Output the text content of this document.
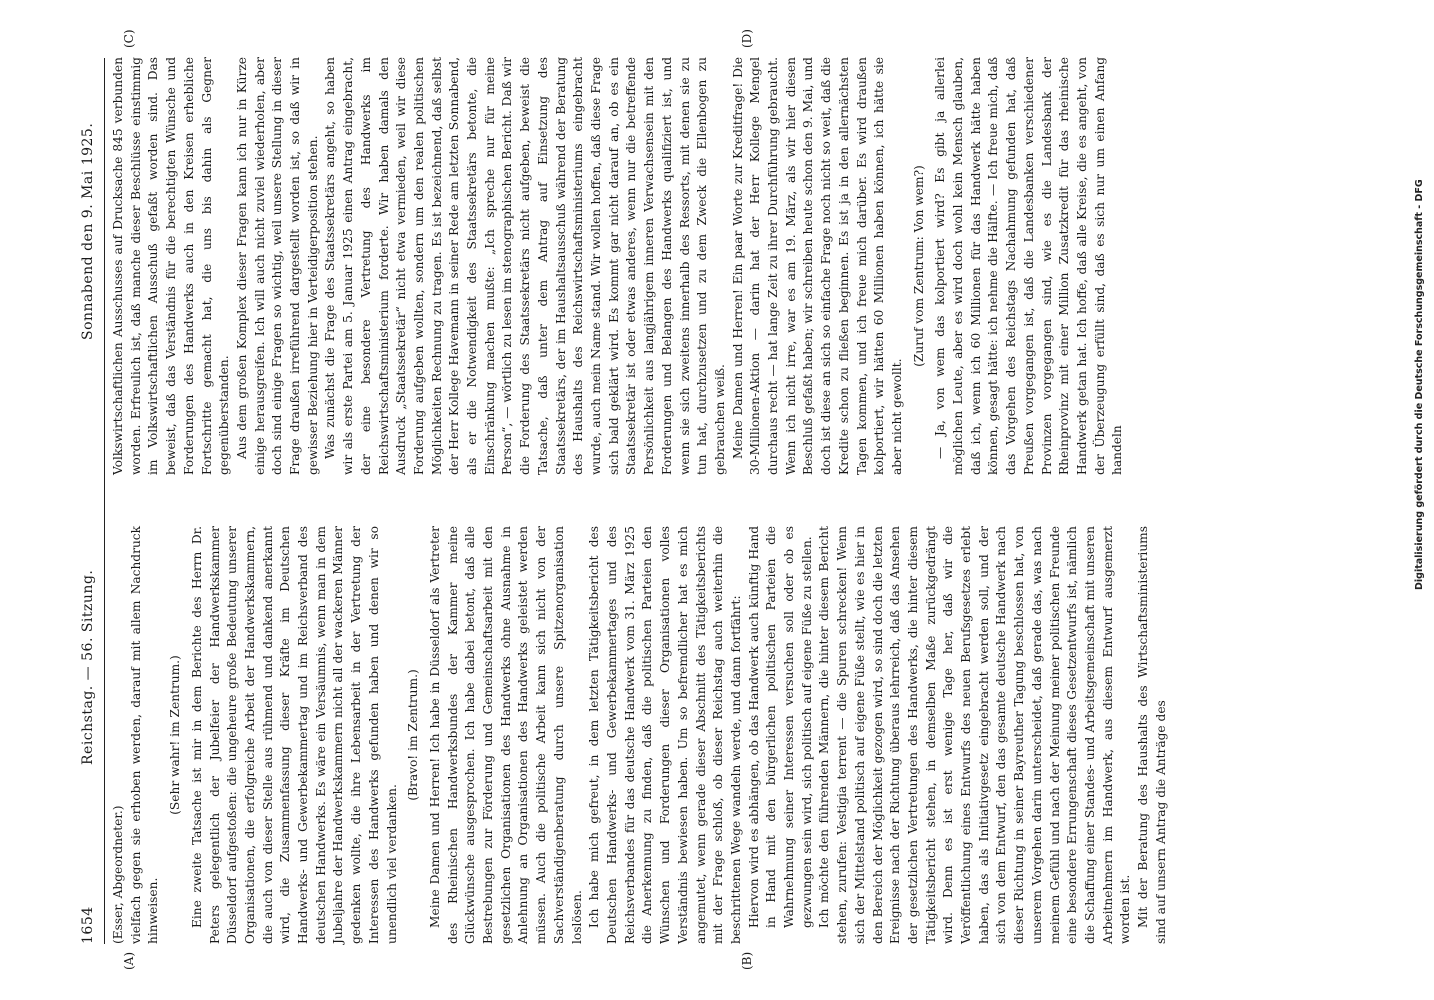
1654
Reichstag. — 56. Sitzung.
Sonnabend den 9. Mai 1925.
(A)	(B)
(C)	(D)

(Esser, Abgeordneter.) vielfach gegen sie erhoben werden, darauf mit allem Nachdruck hinweisen.

(Sehr wahr! im Zentrum.) Eine zweite Tatsache ist mir in dem Berichte des Herrn Dr. Peters gelegentlich der Jubelfeier der Handwerkskammer Düsseldorf aufgestoßen: die ungeheure große Bedeutung unserer Organisationen, die erfolgreiche Arbeit der Handwerkskammern, die auch von dieser Stelle aus rühmend und dankend anerkannt wird, die Zusammenfassung dieser Kräfte im Deutschen Handwerks- und Gewerbekammertag und im Reichsverband des deutschen Handwerks. Es wäre ein Versäumnis, wenn man in dem Jubeljahre der Handwerkskammern nicht all der wackeren Männer gedenken wollte, die ihre Lebensarbeit in der Vertretung der Interessen des Handwerks gefunden haben und denen wir so unendlich viel verdanken.

(Bravo! im Zentrum.) Meine Damen und Herren! Ich habe in Düsseldorf als Vertreter des Rheinischen Handwerksbundes der Kammer meine Glückwünsche ausgesprochen. Ich habe dabei betont, daß alle Bestrebungen zur Förderung und Gemeinschaftsarbeit mit den gesetzlichen Organisationen des Handwerks ohne Ausnahme in Anlehnung an Organisationen des Handwerks geleistet werden müssen. Auch die politische Arbeit kann sich nicht von der Sachverständigenberatung durch unsere Spitzenorganisation loslösen. Ich habe mich gefreut, in dem letzten Tätigkeitsbericht des Deutschen Handwerks- und Gewerbekammertages und des Reichsverbandes für das deutsche Handwerk vom 31. März 1925 die Anerkennung zu finden, daß die politischen Parteien den Wünschen und Forderungen dieser Organisationen volles Verständnis bewiesen haben. Um so befremdlicher hat es mich angemutet, wenn gerade dieser Abschnitt des Tätigkeitsberichts mit der Frage schloß, ob dieser Reichstag auch weiterhin die beschrittenen Wege wandeln werde, und dann fortfährt: Hiervon wird es abhängen, ob das Handwerk auch künftig Hand in Hand mit den bürgerlichen politischen Parteien die Wahrnehmung seiner Interessen versuchen soll oder ob es gezwungen sein wird, sich politisch auf eigene Füße zu stellen. Ich möchte den führenden Männern, die hinter diesem Bericht stehen, zurufen: Vestigia terrent — die Spuren schrecken! Wenn sich der Mittelstand politisch auf eigene Füße stellt, wie es hier in den Bereich der Möglichkeit gezogen wird, so sind doch die letzten Ereignisse nach der Richtung überaus lehrreich, daß das Ansehen der gesetzlichen Vertretungen des Handwerks, die hinter diesem Tätigkeitsbericht stehen, in demselben Maße zurückgedrängt wird. Denn es ist erst wenige Tage her, daß wir die Veröffentlichung eines Entwurfs des neuen Berufsgesetzes erlebt haben, das als Initiativgesetz eingebracht werden soll, und der sich von dem Entwurf, den das gesamte deutsche Handwerk nach dieser Richtung in seiner Bayreuther Tagung beschlossen hat, von unserem Vorgehen darin unterscheidet, daß gerade das, was nach meinem Gefühl und nach der Meinung meiner politischen Freunde eine besondere Errungenschaft dieses Gesetzentwurfs ist, nämlich die Schaffung einer Standes- und Arbeitsgemeinschaft mit unseren Arbeitnehmern im Handwerk, aus diesem Entwurf ausgemerzt worden ist. Mit der Beratung des Haushalts des Wirtschaftsministeriums sind auf unsern Antrag die Anträge des

Volkswirtschaftlichen Ausschusses auf Drucksache 845 verbunden worden. Erfreulich ist, daß manche dieser Beschlüsse einstimmig im Volkswirtschaftlichen Ausschuß gefaßt worden sind. Das beweist, daß das Verständnis für die berechtigten Wünsche und Forderungen des Handwerks auch in den Kreisen erhebliche Fortschritte gemacht hat, die uns bis dahin als Gegner gegenüberstanden. Aus dem großen Komplex dieser Fragen kann ich nur in Kürze einige herausgreifen. Ich will auch nicht zuviel wiederholen, aber doch sind einige Fragen so wichtig, weil unsere Stellung in dieser Frage draußen irreführend dargestellt worden ist, so daß wir in gewisser Beziehung hier in Verteidigerposition stehen. Was zunächst die Frage des Staatssekretärs angeht, so haben wir als erste Partei am 5. Januar 1925 einen Antrag eingebracht, der eine besondere Vertretung des Handwerks im Reichswirtschaftsministerium forderte. Wir haben damals den Ausdruck „Staatssekretär“ nicht etwa vermieden, weil wir diese Forderung aufgeben wollten, sondern um den realen politischen Möglichkeiten Rechnung zu tragen. Es ist bezeichnend, daß selbst der Herr Kollege Havemann in seiner Rede am letzten Sonnabend, als er die Notwendigkeit des Staatssekretärs betonte, die Einschränkung machen mußte: „Ich spreche nur für meine Person“, — wörtlich zu lesen im stenographischen Bericht. Daß wir die Forderung des Staatssekretärs nicht aufgeben, beweist die Tatsache, daß unter dem Antrag auf Einsetzung des Staatssekretärs, der im Haushaltsausschuß während der Beratung des Haushalts des Reichswirtschaftsministeriums eingebracht wurde, auch mein Name stand. Wir wollen hoffen, daß diese Frage sich bald geklärt wird. Es kommt gar nicht darauf an, ob es ein Staatssekretär ist oder etwas anderes, wenn nur die betreffende Persönlichkeit aus langjährigem inneren Verwachsensein mit den Forderungen und Belangen des Handwerks qualifiziert ist, und wenn sie sich zweitens innerhalb des Ressorts, mit denen sie zu tun hat, durchzusetzen und zu dem Zweck die Ellenbogen zu gebrauchen weiß. Meine Damen und Herren! Ein paar Worte zur Kreditfrage! Die 30-Millionen-Aktion — darin hat der Herr Kollege Mengel durchaus recht — hat lange Zeit zu ihrer Durchführung gebraucht. Wenn ich nicht irre, war es am 19. März, als wir hier diesen Beschluß gefaßt haben; wir schreiben heute schon den 9. Mai, und doch ist diese an sich so einfache Frage noch nicht so weit, daß die Kredite schon zu fließen beginnen. Es ist ja in den allernächsten Tagen kommen, und ich freue mich darüber. Es wird draußen kolportiert, wir hätten 60 Millionen haben können, ich hätte sie aber nicht gewollt.

(Zuruf vom Zentrum: Von wem?) — Ja, von wem das kolportiert wird? Es gibt ja allerlei möglichen Leute, aber es wird doch wohl kein Mensch glauben, daß ich, wenn ich 60 Millionen für das Handwerk hätte haben können, gesagt hätte: ich nehme die Hälfte. — Ich freue mich, daß das Vorgehen des Reichstags Nachahmung gefunden hat, daß Preußen vorgegangen ist, daß die Landesbanken verschiedener Provinzen vorgegangen sind, wie es die Landesbank der Rheinprovinz mit einer Million Zusatzkredit für das rheinische Handwerk getan hat. Ich hoffe, daß alle Kreise, die es angeht, von der Überzeugung erfüllt sind, daß es sich nur um einen Anfang handeln	Digitalisierung gefördert durch die Deutsche Forschungsgemeinschaft - DFG
